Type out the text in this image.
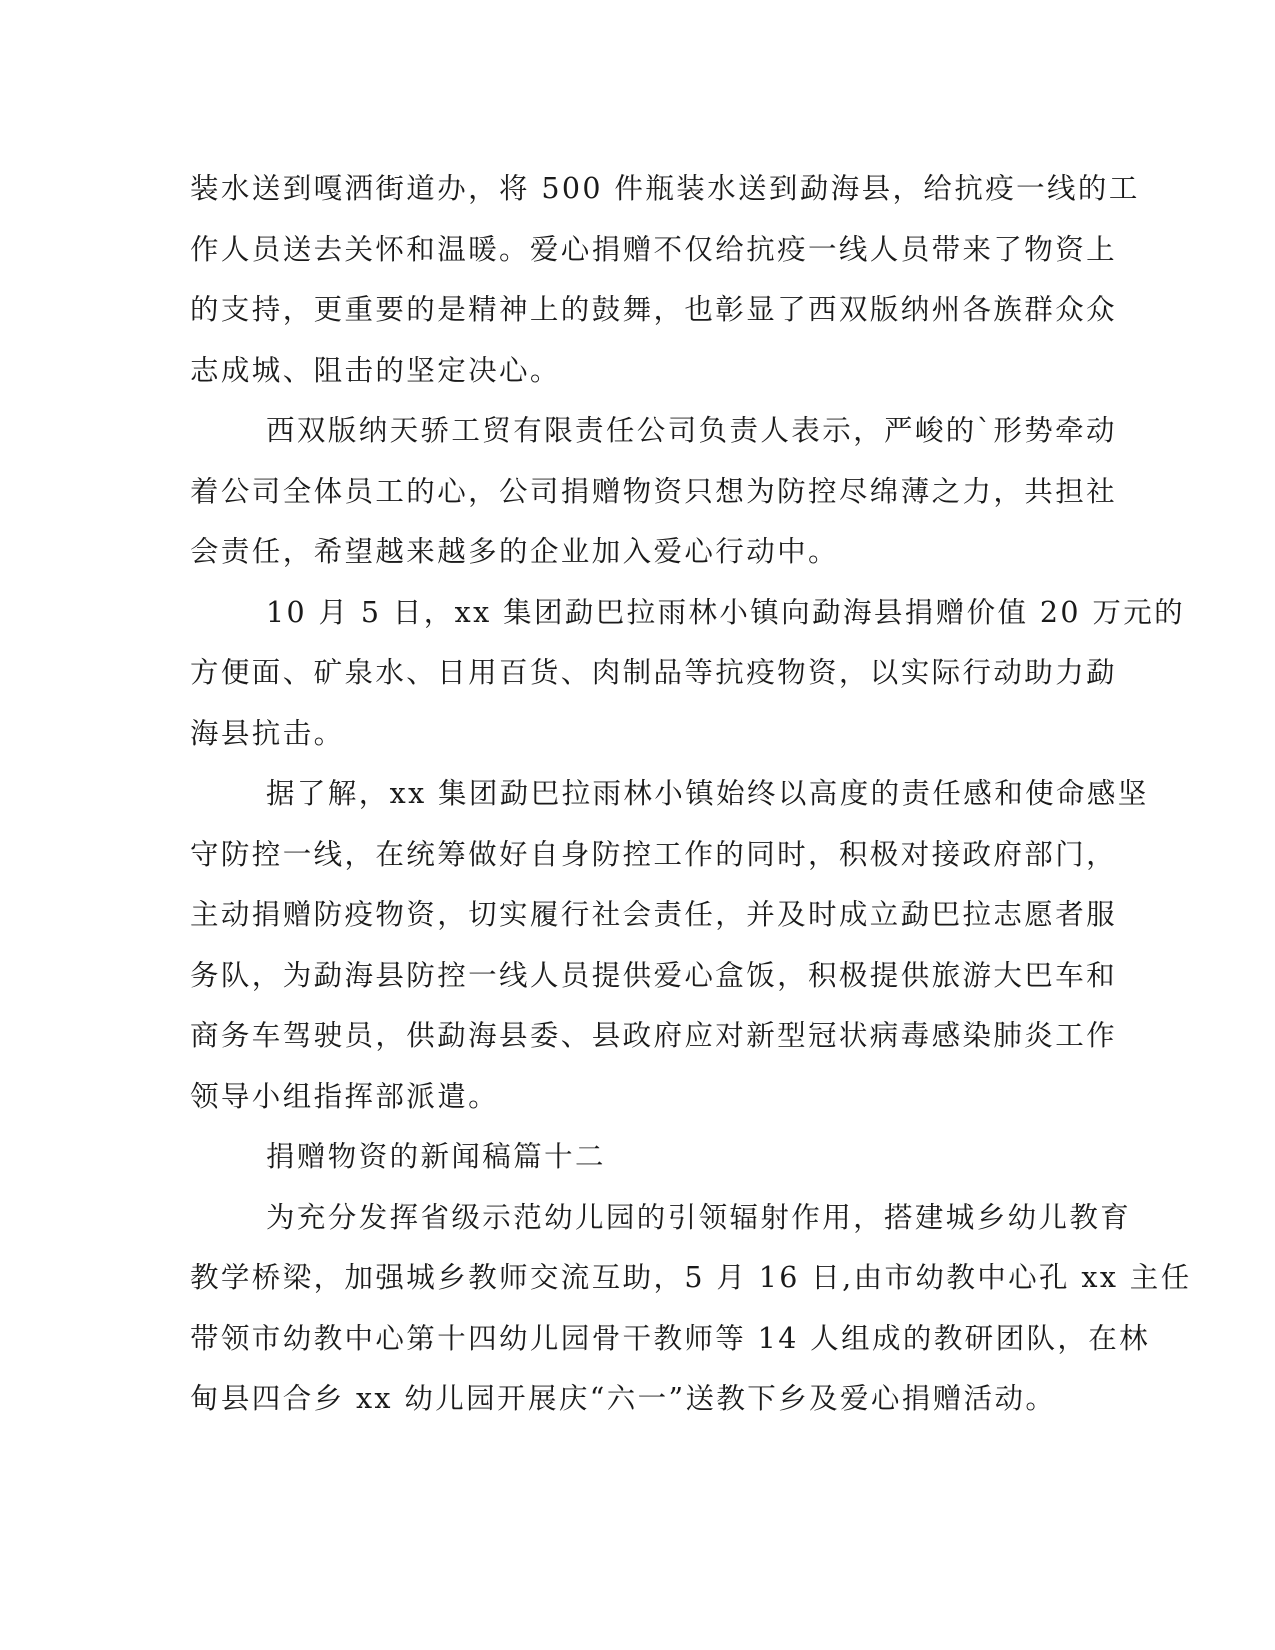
装水送到嘎洒街道办，将 500 件瓶装水送到勐海县，给抗疫一线的工
作人员送去关怀和温暖。爱心捐赠不仅给抗疫一线人员带来了物资上
的支持，更重要的是精神上的鼓舞，也彰显了西双版纳州各族群众众
志成城、阻击的坚定决心。
西双版纳天骄工贸有限责任公司负责人表示，严峻的`形势牵动
着公司全体员工的心，公司捐赠物资只想为防控尽绵薄之力，共担社
会责任，希望越来越多的企业加入爱心行动中。
10 月 5 日，xx 集团勐巴拉雨林小镇向勐海县捐赠价值 20 万元的
方便面、矿泉水、日用百货、肉制品等抗疫物资，以实际行动助力勐
海县抗击。
据了解，xx 集团勐巴拉雨林小镇始终以高度的责任感和使命感坚
守防控一线，在统筹做好自身防控工作的同时，积极对接政府部门，
主动捐赠防疫物资，切实履行社会责任，并及时成立勐巴拉志愿者服
务队，为勐海县防控一线人员提供爱心盒饭，积极提供旅游大巴车和
商务车驾驶员，供勐海县委、县政府应对新型冠状病毒感染肺炎工作
领导小组指挥部派遣。
捐赠物资的新闻稿篇十二
为充分发挥省级示范幼儿园的引领辐射作用，搭建城乡幼儿教育
教学桥梁，加强城乡教师交流互助，5 月 16 日,由市幼教中心孔 xx 主任
带领市幼教中心第十四幼儿园骨干教师等 14 人组成的教研团队，在林
甸县四合乡 xx 幼儿园开展庆“六一”送教下乡及爱心捐赠活动。
